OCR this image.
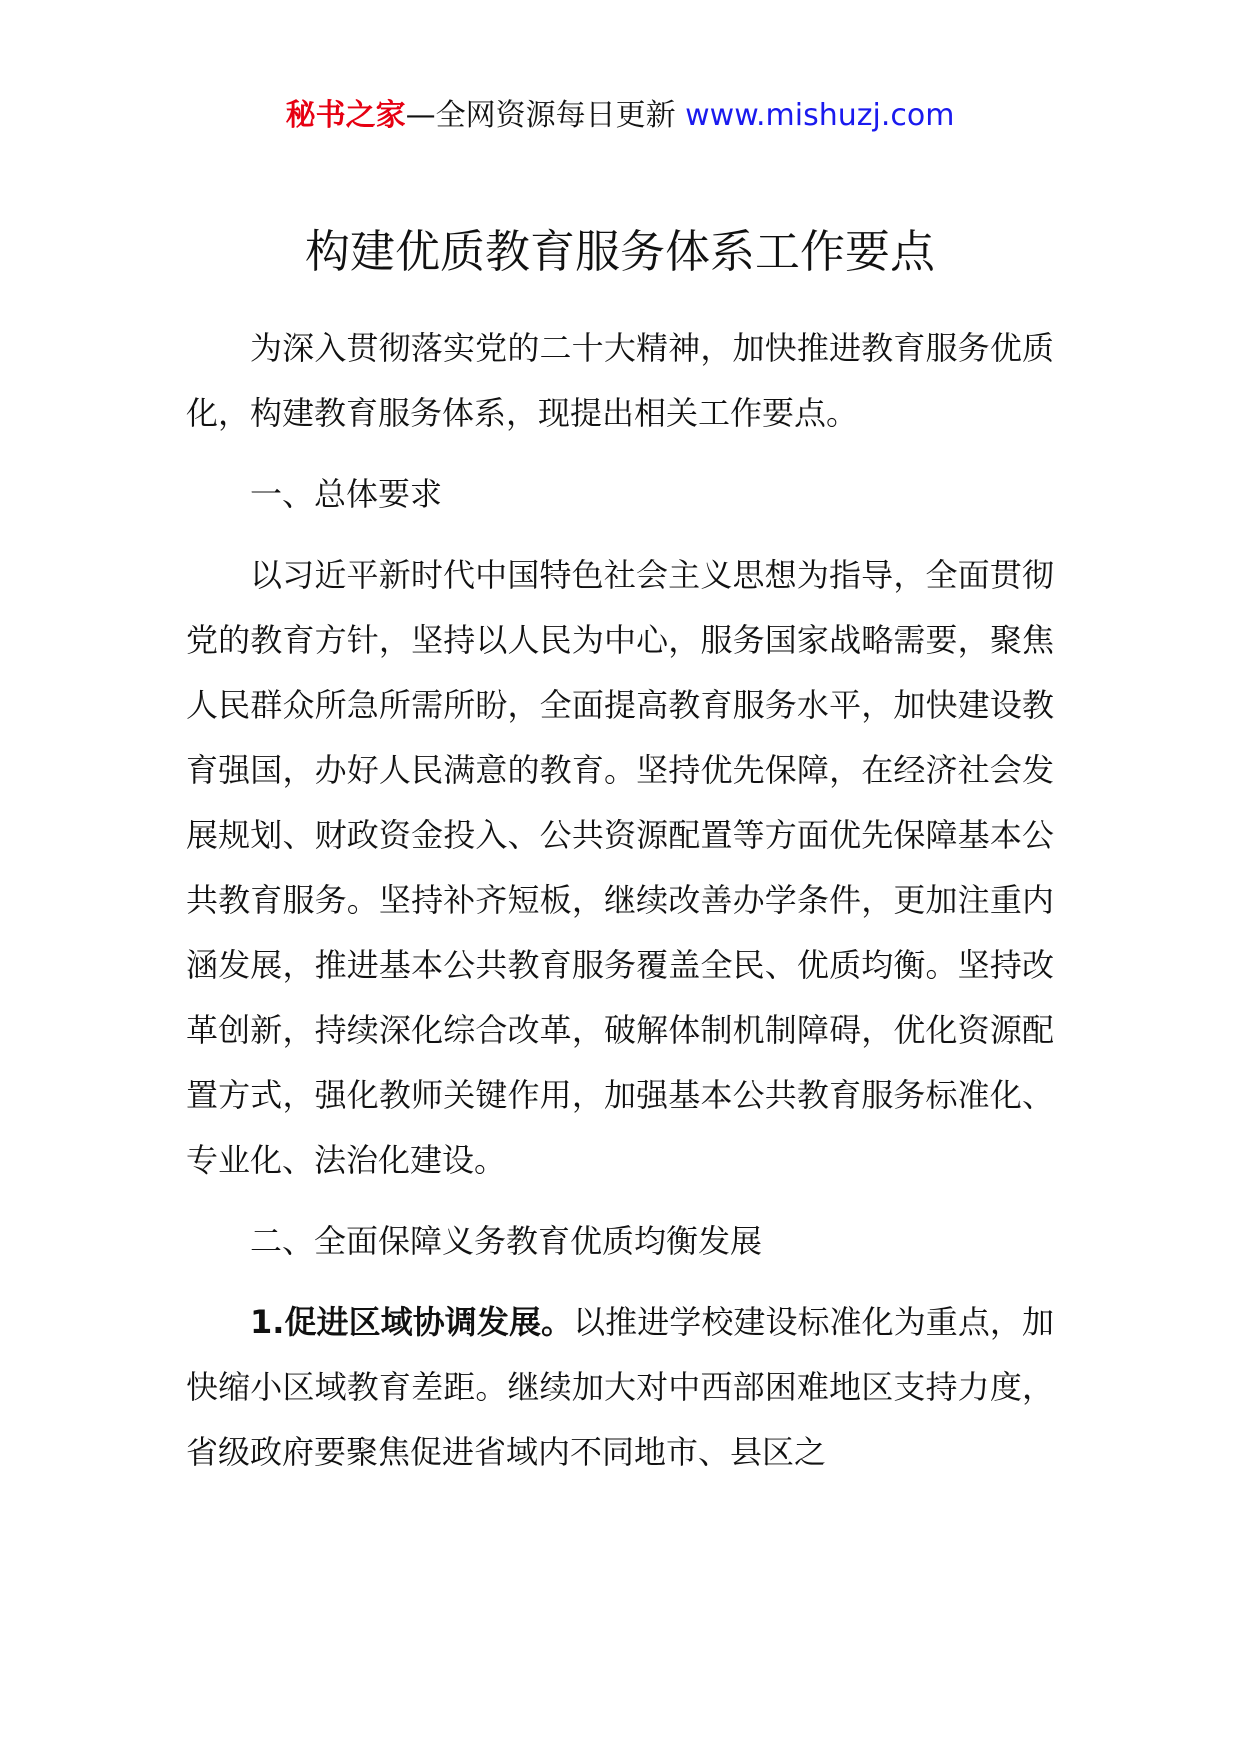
秘书之家—全网资源每日更新 www.mishuzj.com
构建优质教育服务体系工作要点

为深入贯彻落实党的二十大精神，加快推进教育服务优质化，构建教育服务体系，现提出相关工作要点。

一、总体要求

以习近平新时代中国特色社会主义思想为指导，全面贯彻党的教育方针，坚持以人民为中心，服务国家战略需要，聚焦人民群众所急所需所盼，全面提高教育服务水平，加快建设教育强国，办好人民满意的教育。坚持优先保障，在经济社会发展规划、财政资金投入、公共资源配置等方面优先保障基本公共教育服务。坚持补齐短板，继续改善办学条件，更加注重内涵发展，推进基本公共教育服务覆盖全民、优质均衡。坚持改革创新，持续深化综合改革，破解体制机制障碍，优化资源配置方式，强化教师关键作用，加强基本公共教育服务标准化、专业化、法治化建设。

二、全面保障义务教育优质均衡发展

1.促进区域协调发展。以推进学校建设标准化为重点，加快缩小区域教育差距。继续加大对中西部困难地区支持力度，省级政府要聚焦促进省域内不同地市、县区之
